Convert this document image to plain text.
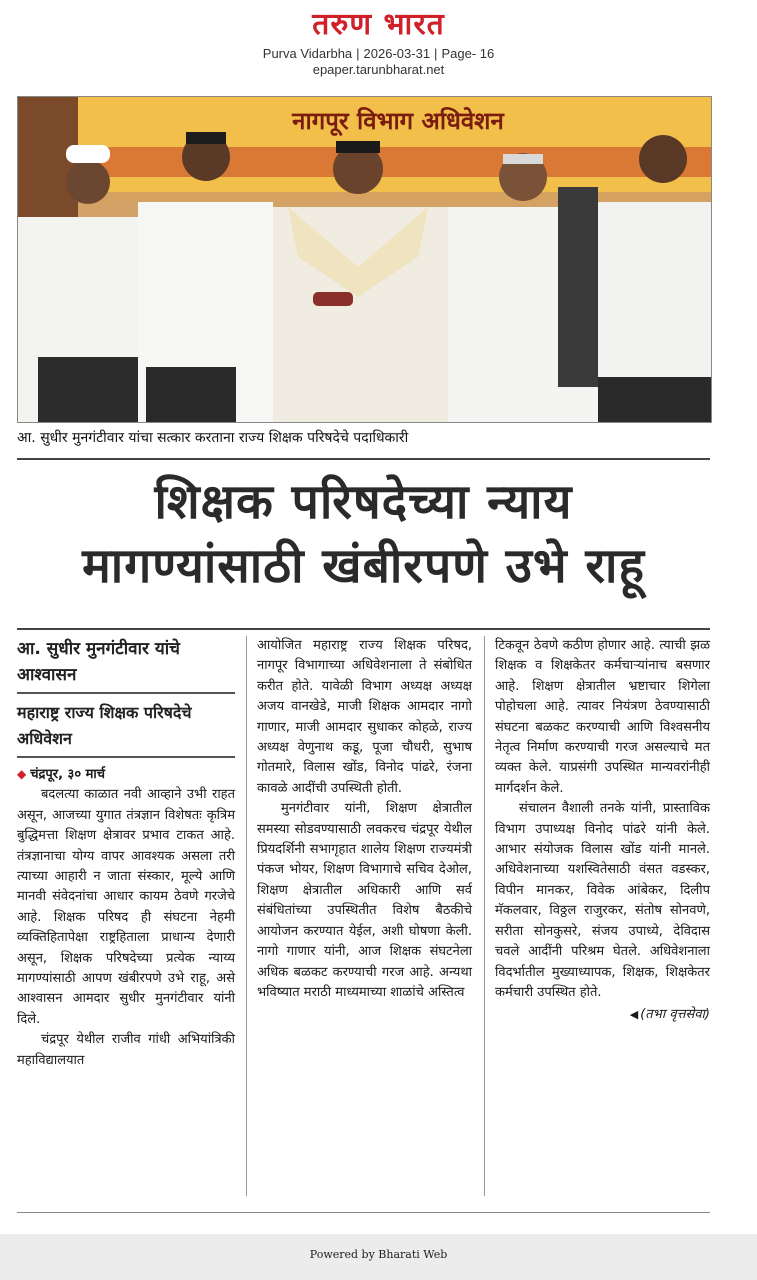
तरुण भारत
Purva Vidarbha | 2026-03-31 | Page- 16
epaper.tarunbharat.net
नागपूर विभाग अधिवेशन
आ. सुधीर मुनगंटीवार यांचा सत्कार करताना राज्य शिक्षक परिषदेचे पदाधिकारी
शिक्षक परिषदेच्या न्याय
मागण्यांसाठी खंबीरपणे उभे राहू
आ. सुधीर मुनगंटीवार यांचे आश्वासन
महाराष्ट्र राज्य शिक्षक परिषदेचे अधिवेशन
◆ चंद्रपूर, ३० मार्च

बदलत्या काळात नवी आव्हाने उभी राहत असून, आजच्या युगात तंत्रज्ञान विशेषतः कृत्रिम बुद्धिमत्ता शिक्षण क्षेत्रावर प्रभाव टाकत आहे. तंत्रज्ञानाचा योग्य वापर आवश्यक असला तरी त्याच्या आहारी न जाता संस्कार, मूल्ये आणि मानवी संवेदनांचा आधार कायम ठेवणे गरजेचे आहे. शिक्षक परिषद ही संघटना नेहमी व्यक्तिहितापेक्षा राष्ट्रहिताला प्राधान्य देणारी असून, शिक्षक परिषदेच्या प्रत्येक न्याय्य मागण्यांसाठी आपण खंबीरपणे उभे राहू, असे आश्वासन आमदार सुधीर मुनगंटीवार यांनी दिले.

चंद्रपूर येथील राजीव गांधी अभियांत्रिकी महाविद्यालयात

आयोजित महाराष्ट्र राज्य शिक्षक परिषद, नागपूर विभागाच्या अधिवेशनाला ते संबोधित करीत होते. यावेळी विभाग अध्यक्ष अध्यक्ष अजय वानखेडे, माजी शिक्षक आमदार नागो गाणार, माजी आमदार सुधाकर कोहळे, राज्य अध्यक्ष वेणुनाथ कडू, पूजा चौधरी, सुभाष गोतमारे, विलास खोंड, विनोद पांढरे, रंजना कावळे आदींची उपस्थिती होती.

मुनगंटीवार यांनी, शिक्षण क्षेत्रातील समस्या सोडवण्यासाठी लवकरच चंद्रपूर येथील प्रियदर्शिनी सभागृहात शालेय शिक्षण राज्यमंत्री पंकज भोयर, शिक्षण विभागाचे सचिव देओल, शिक्षण क्षेत्रातील अधिकारी आणि सर्व संबंधितांच्या उपस्थितीत विशेष बैठकीचे आयोजन करण्यात येईल, अशी घोषणा केली. नागो गाणार यांनी, आज शिक्षक संघटनेला अधिक बळकट करण्याची गरज आहे. अन्यथा भविष्यात मराठी माध्यमाच्या शाळांचे अस्तित्व

टिकवून ठेवणे कठीण होणार आहे. त्याची झळ शिक्षक व शिक्षकेतर कर्मचाऱ्यांनाच बसणार आहे. शिक्षण क्षेत्रातील भ्रष्टाचार शिगेला पोहोचला आहे. त्यावर नियंत्रण ठेवण्यासाठी संघटना बळकट करण्याची आणि विश्वसनीय नेतृत्व निर्माण करण्याची गरज असल्याचे मत व्यक्त केले. याप्रसंगी उपस्थित मान्यवरांनीही मार्गदर्शन केले.

संचालन वैशाली तनके यांनी, प्रास्ताविक विभाग उपाध्यक्ष विनोद पांढरे यांनी केले. आभार संयोजक विलास खोंड यांनी मानले. अधिवेशनाच्या यशस्वितेसाठी वंसत वडस्कर, विपीन मानकर, विवेक आंबेकर, दिलीप मॅकलवार, विठ्ठल राजुरकर, संतोष सोनवणे, सरीता सोनकुसरे, संजय उपाध्ये, देविदास चवले आदींनी परिश्रम घेतले. अधिवेशनाला विदर्भातील मुख्याध्यापक, शिक्षक, शिक्षकेतर कर्मचारी उपस्थित होते.

◀ (तभा वृत्तसेवा)
Powered by Bharati Web
